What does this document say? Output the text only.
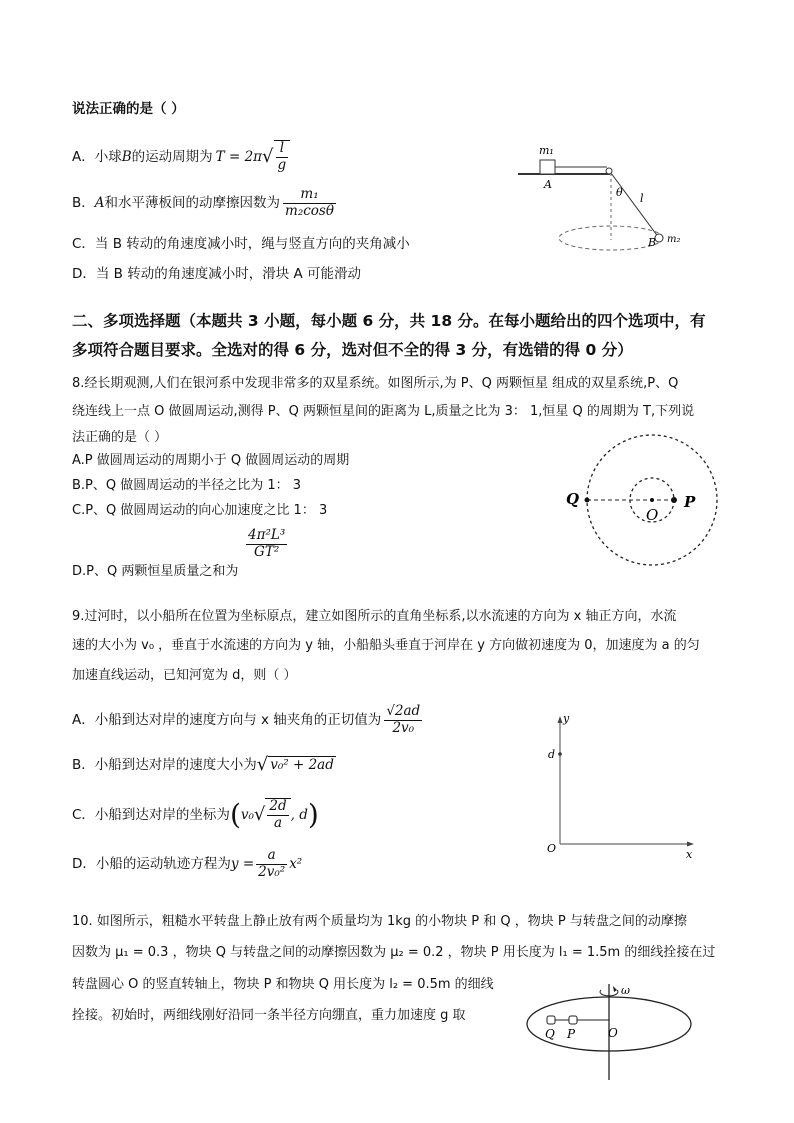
说法正确的是（ ）
A．小球 B 的运动周期为 T = 2π √ $\frac{l}{g}$
B． A 和水平薄板间的动摩擦因数为 $\frac{\text{m₁}}{\text{m₂cosθ}}$
C．当 B 转动的角速度减小时，绳与竖直方向的夹角减小
D．当 B 转动的角速度减小时，滑块 A 可能滑动
m₁
A
θ l
B m₂
二、多项选择题（本题共 3 小题，每小题 6 分，共 18 分。在每小题给出的四个选项中，有
多项符合题目要求。全选对的得 6 分，选对但不全的得 3 分，有选错的得 0 分）
8.经长期观测,人们在银河系中发现非常多的双星系统。如图所示,为 P、Q 两颗恒星 组成的双星系统,P、Q
绕连线上一点 O 做圆周运动,测得 P、Q 两颗恒星间的距离为 L,质量之比为 3： 1,恒星 Q 的周期为 T,下列说
法正确的是（ ）
A.P 做圆周运动的周期小于 Q 做圆周运动的周期
B.P、Q 做圆周运动的半径之比为 1： 3
C.P、Q 做圆周运动的向心加速度之比 1： 3
D.P、Q 两颗恒星质量之和为
$\frac{\text{4π²L³}}{\text{GT²}}$
Q
O
P
9.过河时，以小船所在位置为坐标原点，建立如图所示的直角坐标系,以水流速的方向为 x 轴正方向，水流
速的大小为 v₀ ，垂直于水流速的方向为 y 轴，小船船头垂直于河岸在 y 方向做初速度为 0，加速度为 a 的匀
加速直线运动，已知河宽为 d，则（ ）
A．小船到达对岸的速度方向与 x 轴夹角的正切值为 $\frac{√2ad}{\text{2v₀}}$
B．小船到达对岸的速度大小为 √ v₀² + 2ad
C．小船到达对岸的坐标为 ( v₀ √ $\frac{2d}{a}$ , d )
D．小船的运动轨迹方程为 $y = \frac{a}{\text{2v₀²}} x^2$
y
d
O	x
10. 如图所示，粗糙水平转盘上静止放有两个质量均为 1kg 的小物块 P 和 Q ，物块 P 与转盘之间的动摩擦
因数为 μ₁ = 0.3 ，物块 Q 与转盘之间的动摩擦因数为 μ₂ = 0.2 ，物块 P 用长度为 l₁ = 1.5m 的细线拴接在过
转盘圆心 O 的竖直转轴上，物块 P 和物块 Q 用长度为 l₂ = 0.5m 的细线
拴接。初始时，两细线刚好沿同一条半径方向绷直，重力加速度 g 取
ω
Q P	O
